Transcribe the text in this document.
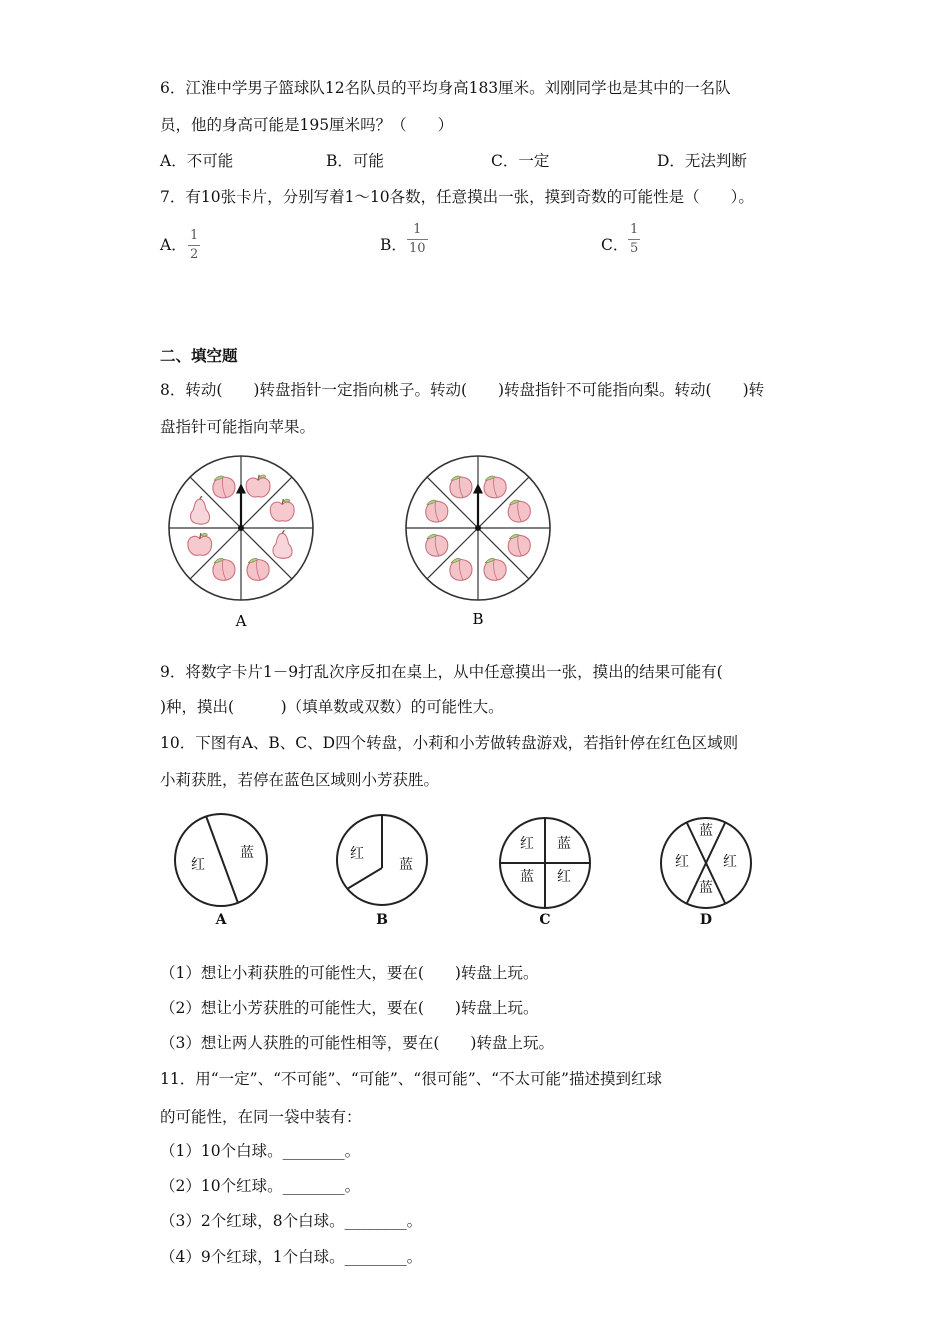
6．江淮中学男子篮球队12名队员的平均身高183厘米。刘刚同学也是其中的一名队
员，他的身高可能是195厘米吗？（　　）
A．不可能	B．可能	C．一定	D．无法判断
7．有10张卡片，分别写着1～10各数，任意摸出一张，摸到奇数的可能性是（　　）。
A．
1
2
B．
1
10	C．
1
5
二、填空题
8．转动(　　)转盘指针一定指向桃子。转动(　　)转盘指针不可能指向梨。转动(　　)转
盘指针可能指向苹果。
A	B
9．将数字卡片1－9打乱次序反扣在桌上，从中任意摸出一张，摸出的结果可能有(
)种，摸出(　　　)（填单数或双数）的可能性大。
10．下图有A、B、C、D四个转盘，小莉和小芳做转盘游戏，若指针停在红色区域则
小莉获胜，若停在蓝色区域则小芳获胜。
红
蓝	红
蓝
红 蓝
蓝 红
蓝
红 红
蓝
A	B	C	D
（1）想让小莉获胜的可能性大，要在(　　)转盘上玩。
（2）想让小芳获胜的可能性大，要在(　　)转盘上玩。
（3）想让两人获胜的可能性相等，要在(　　)转盘上玩。
11．用“一定”、“不可能”、“可能”、“很可能”、“不太可能”描述摸到红球
的可能性，在同一袋中装有：
（1）10个白球。________。
（2）10个红球。________。
（3）2个红球，8个白球。________。
（4）9个红球，1个白球。________。
